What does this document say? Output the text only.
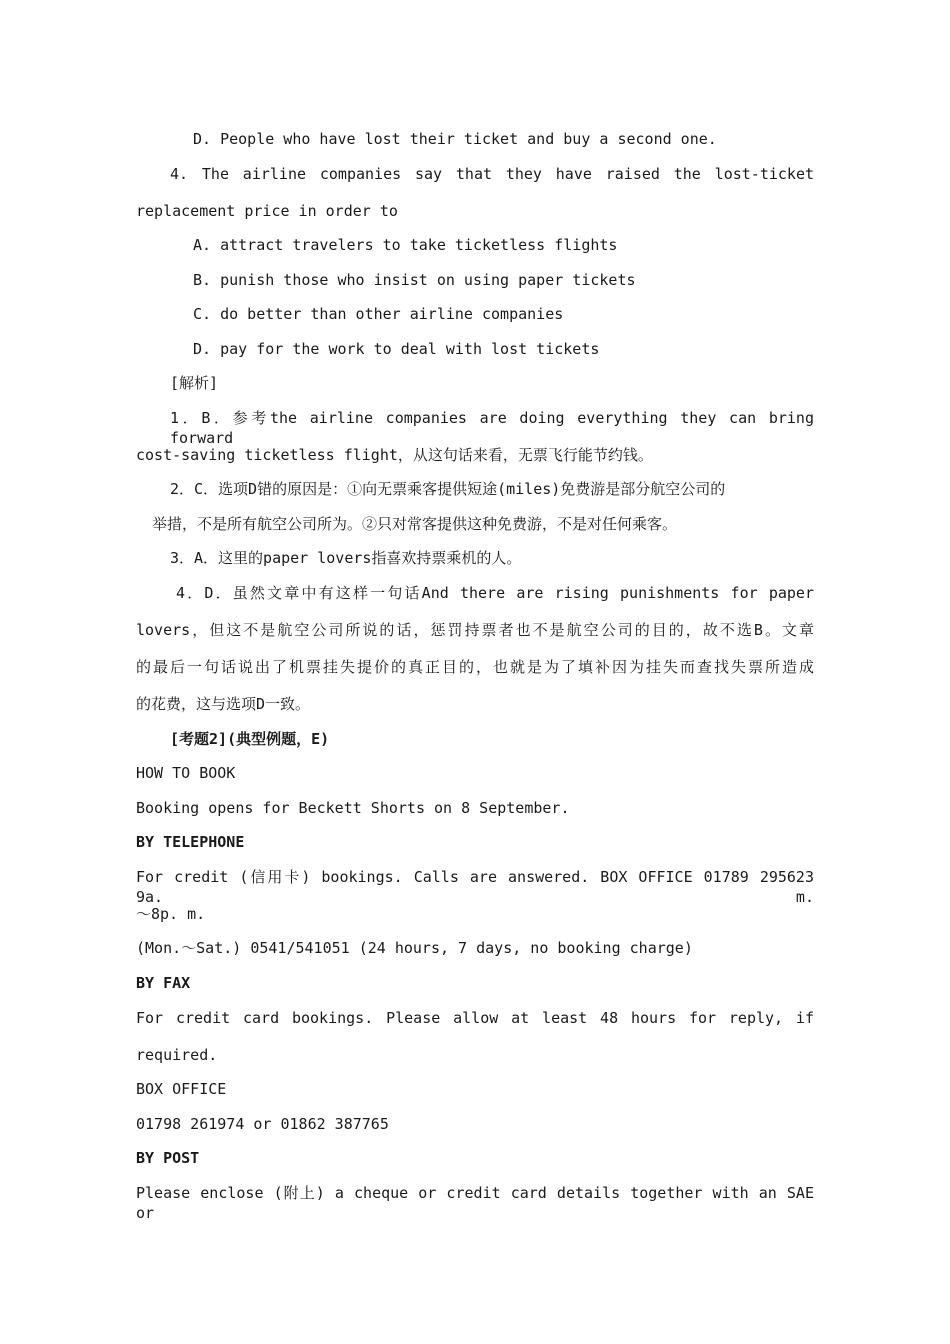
D. People who have lost their ticket and buy a second one.
4. The airline companies say that they have raised the lost-ticket
replacement price in order to
A. attract travelers to take ticketless flights
B. punish those who insist on using paper tickets
C. do better than other airline companies
D. pay for the work to deal with lost tickets
[解析]
1．B．参考the airline companies are doing everything they can bring forward
cost-saving ticketless flight，从这句话来看，无票飞行能节约钱。
2．C．选项D错的原因是：①向无票乘客提供短途(miles)免费游是部分航空公司的
举措，不是所有航空公司所为。②只对常客提供这种免费游，不是对任何乘客。
3．A．这里的paper lovers指喜欢持票乘机的人。
4．D．虽然文章中有这样一句话And there are rising punishments for paper
lovers，但这不是航空公司所说的话，惩罚持票者也不是航空公司的目的，故不选B。文章
的最后一句话说出了机票挂失提价的真正目的，也就是为了填补因为挂失而查找失票所造成
的花费，这与选项D一致。
[考题2](典型例题，E)
HOW TO BOOK
Booking opens for Beckett Shorts on 8 September.
BY TELEPHONE
For credit (信用卡) bookings. Calls are answered. BOX OFFICE 01789 295623 9a. m.
～8p. m.
(Mon.～Sat.) 0541/541051 (24 hours, 7 days, no booking charge)
BY FAX
For credit card bookings. Please allow at least 48 hours for reply, if
required.
BOX OFFICE
01798 261974 or 01862 387765
BY POST
Please enclose (附上) a cheque or credit card details together with an SAE or
